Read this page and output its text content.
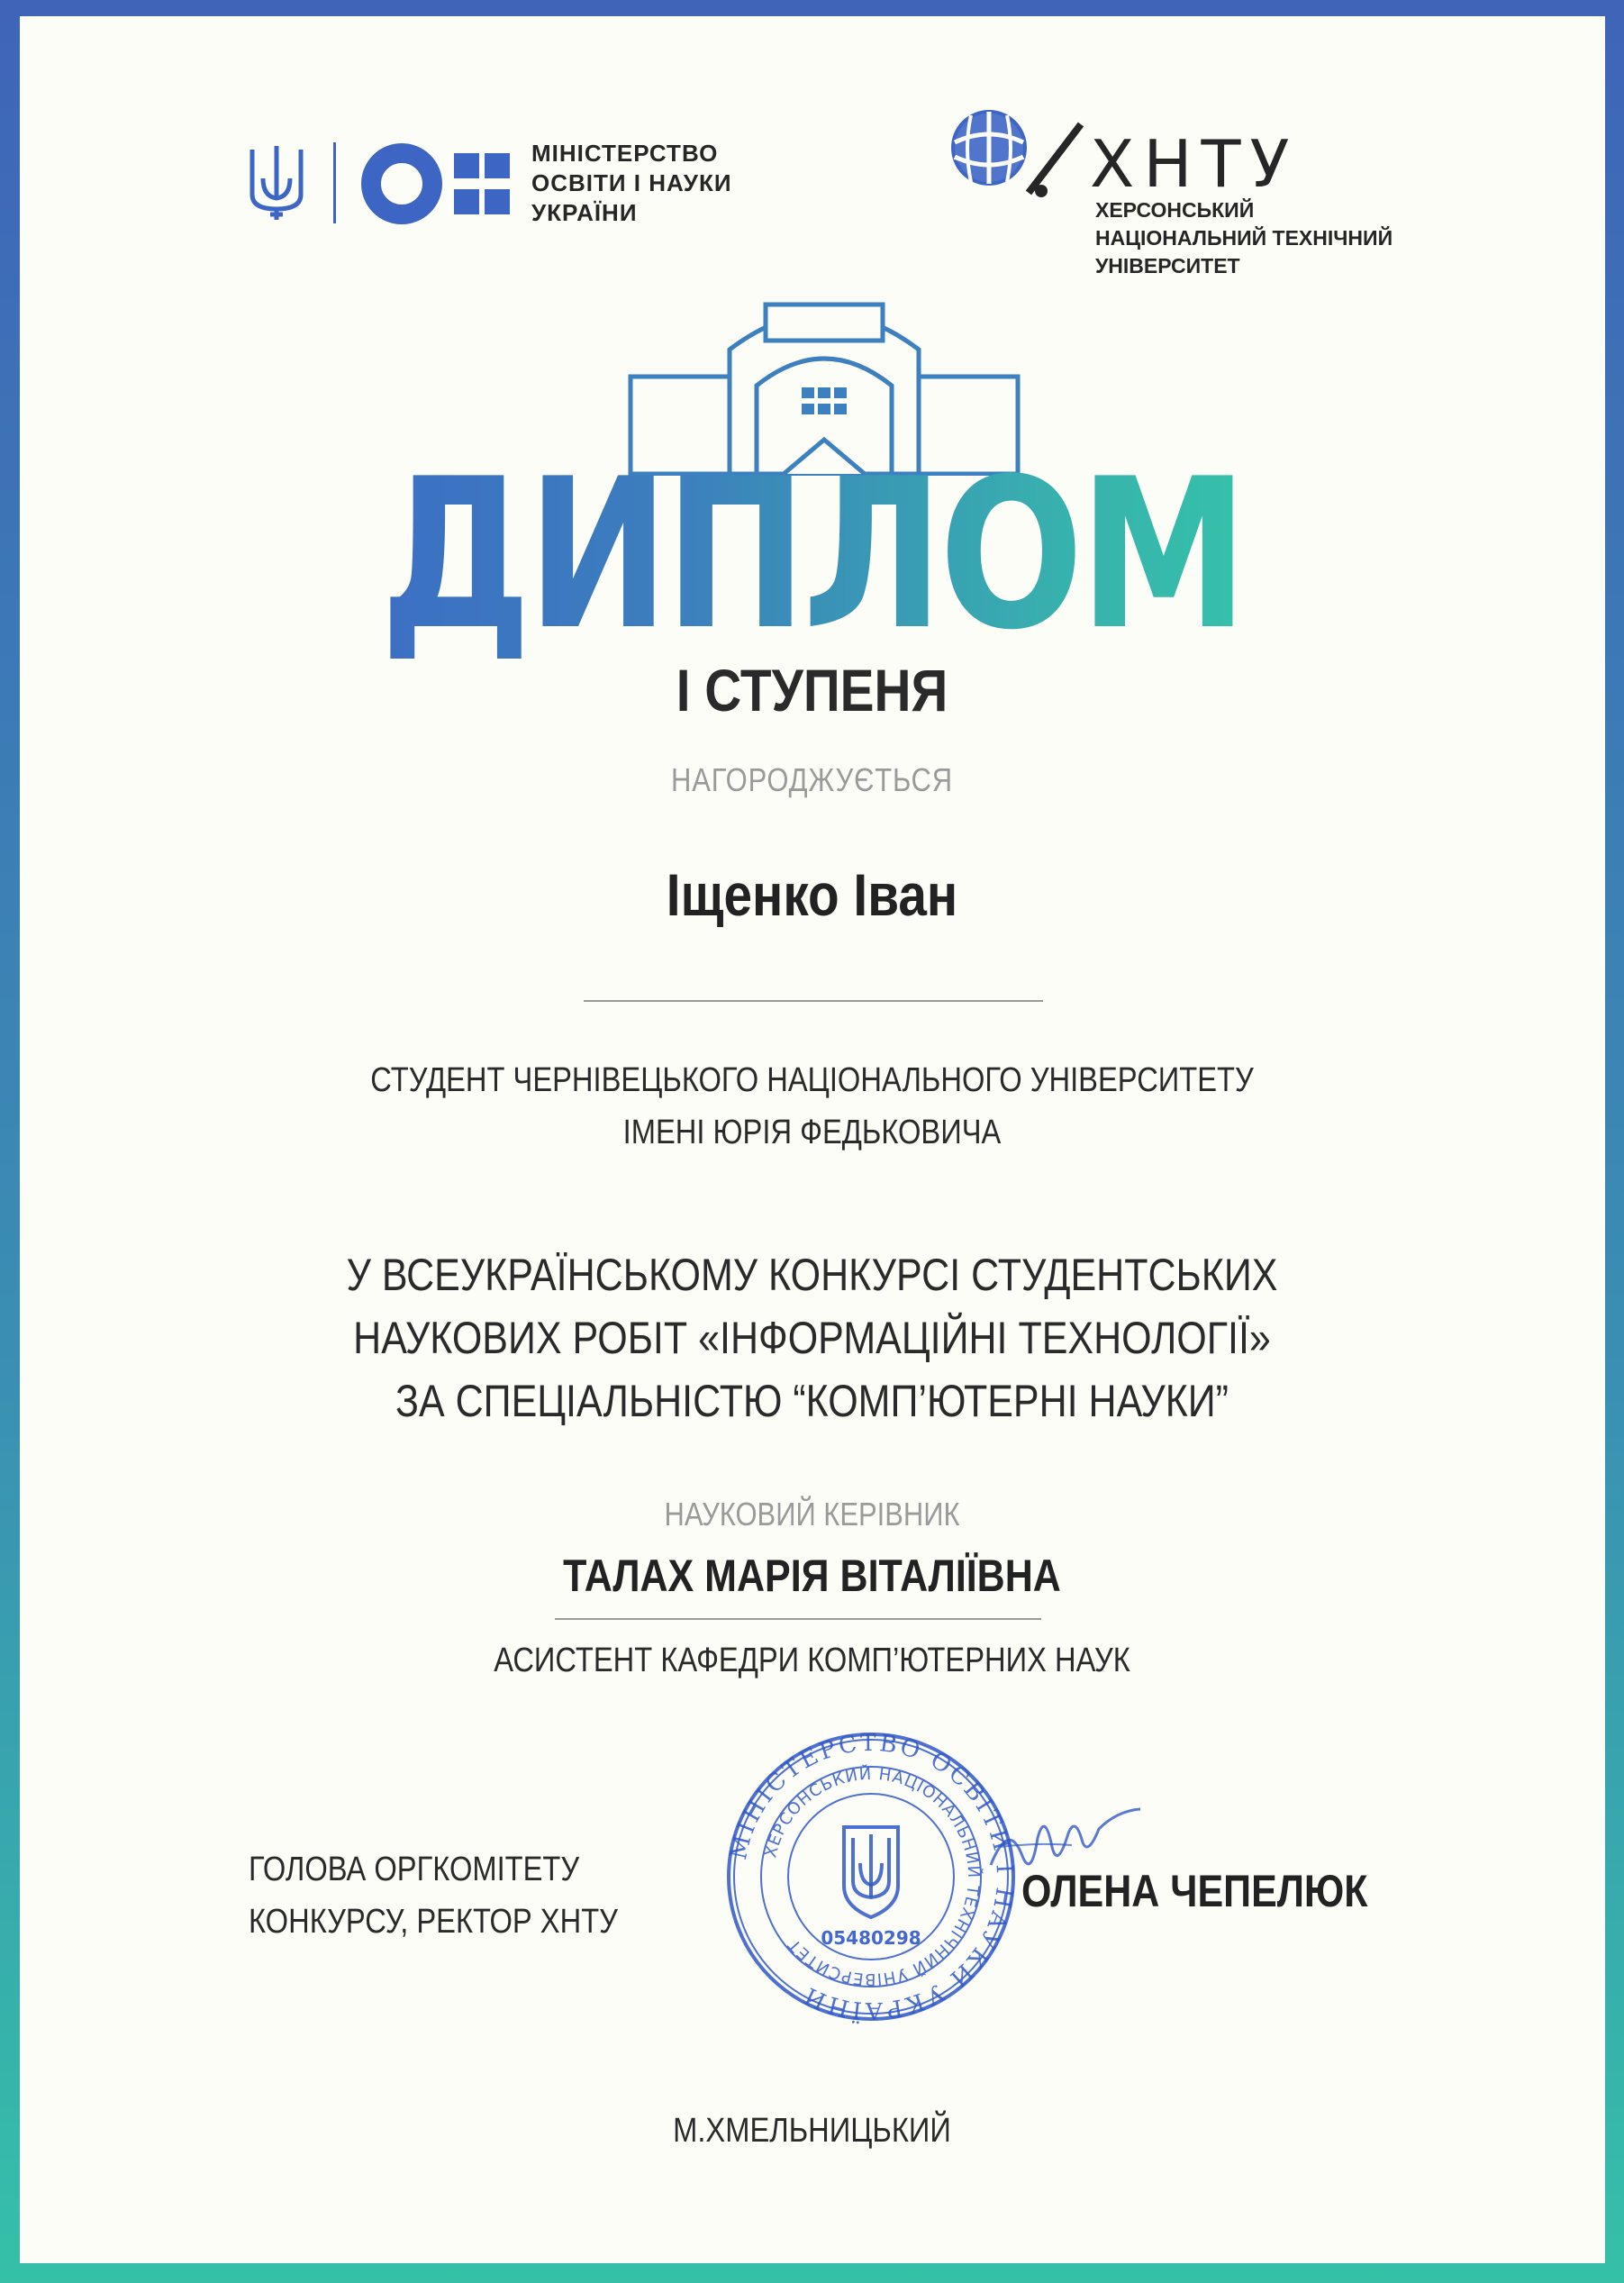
МІНІСТЕРСТВО
ОСВІТИ І НАУКИ
УКРАЇНИ
ХНТУ
ХЕРСОНСЬКИЙ
НАЦІОНАЛЬНИЙ ТЕХНІЧНИЙ
УНІВЕРСИТЕТ
ДИПЛОМ
І СТУПЕНЯ
НАГОРОДЖУЄТЬСЯ
Іщенко Іван
СТУДЕНТ ЧЕРНІВЕЦЬКОГО НАЦІОНАЛЬНОГО УНІВЕРСИТЕТУ
ІМЕНІ ЮРІЯ ФЕДЬКОВИЧА
У ВСЕУКРАЇНСЬКОМУ КОНКУРСІ СТУДЕНТСЬКИХ
НАУКОВИХ РОБІТ «ІНФОРМАЦІЙНІ ТЕХНОЛОГІЇ»
ЗА СПЕЦІАЛЬНІСТЮ “КОМП’ЮТЕРНІ НАУКИ”
НАУКОВИЙ КЕРІВНИК
ТАЛАХ МАРІЯ ВІТАЛІЇВНА
АСИСТЕНТ КАФЕДРИ КОМП’ЮТЕРНИХ НАУК
ГОЛОВА ОРГКОМІТЕТУ
КОНКУРСУ, РЕКТОР ХНТУ
МІНІСТЕРСТВО ОСВІТИ І НАУКИ УКРАЇНИ
ХЕРСОНСЬКИЙ НАЦІОНАЛЬНИЙ ТЕХНІЧНИЙ УНІВЕРСИТЕТ 05480298
ОЛЕНА ЧЕПЕЛЮК
М.ХМЕЛЬНИЦЬКИЙ
